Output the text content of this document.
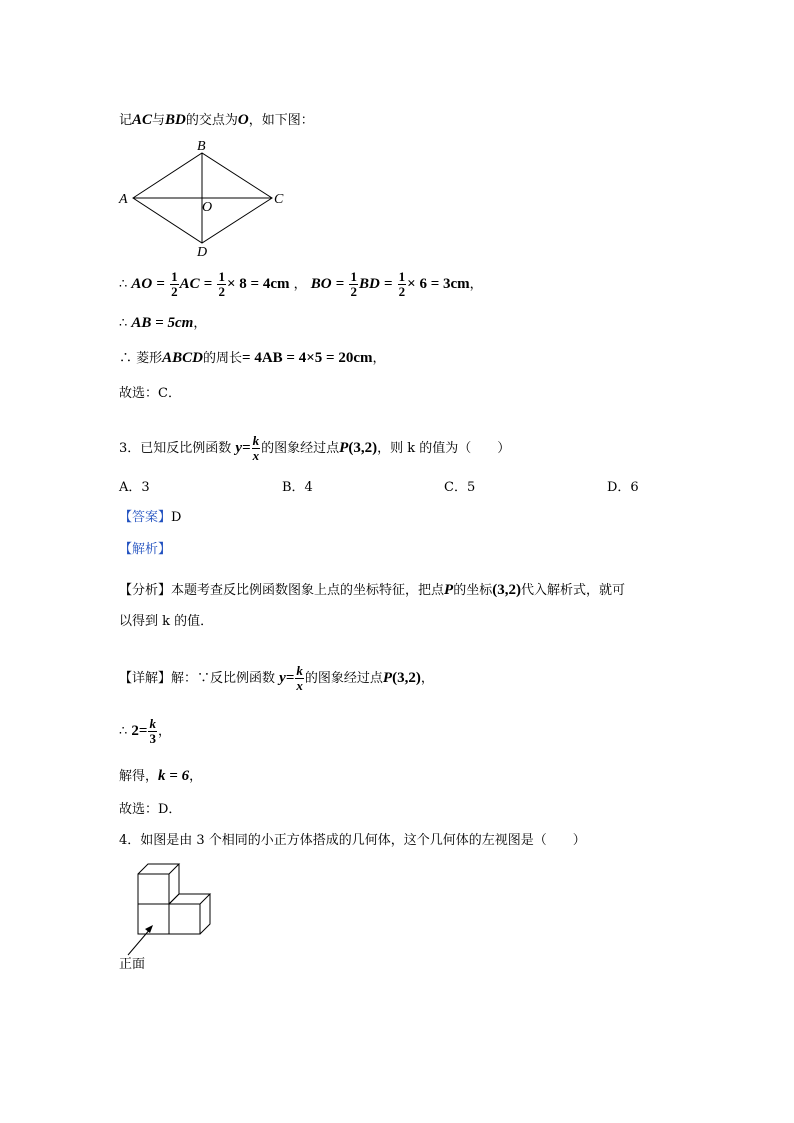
记AC与BD的交点为O，如下图：
B
A	C
D
O
∴ AO = $\frac{1}{2}$ AC = $\frac{1}{2} \times 8 = 4cm$ ， BO = $\frac{1}{2}$ BD = $\frac{1}{2} \times 6 = 3cm$，
∴ AB = 5cm，
∴ 菱形ABCD的周长= 4AB = 4×5 = 20cm，
故选：C．
3．已知反比例函数 $y= \frac{k}{x}$ 的图象经过点P(3,2)，则 k 的值为（　　）
A．3	B．4	C．5	D．6
【答案】D
【解析】
【分析】本题考查反比例函数图象上点的坐标特征，把点P的坐标(3,2)代入解析式，就可
以得到 k 的值．
【详解】解：∵反比例函数 $y= \frac{k}{x}$ 的图象经过点P(3,2)，
∴ $2= \frac{k}{3}$ ，
解得，k = 6，
故选：D．
4．如图是由 3 个相同的小正方体搭成的几何体，这个几何体的左视图是（　　）
正面
